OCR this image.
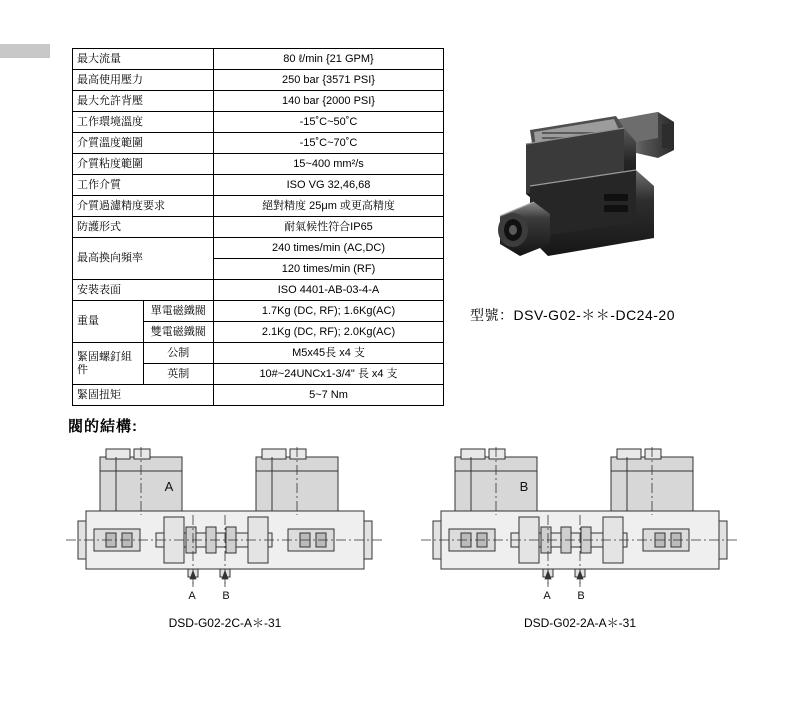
最大流量		80 ℓ/min {21 GPM}
最高使用壓力		250 bar {3571 PSI}
最大允許背壓		140 bar {2000 PSI}
工作環境溫度		-15˚C~50˚C
介質溫度範圍		-15˚C~70˚C
介質粘度範圍		15~400 mm²/s
工作介質		ISO VG 32,46,68
介質過濾精度要求		絕對精度 25μm 或更高精度
防護形式		耐氣候性符合IP65
最高換向頻率		240 times/min (AC,DC)
		120 times/min (RF)
安裝表面		ISO 4401-AB-03-4-A
重量	單電磁鐵閥	1.7Kg (DC, RF); 1.6Kg(AC)
	雙電磁鐵閥	2.1Kg (DC, RF); 2.0Kg(AC)
緊固螺釘組件	公制	M5x45長 x4 支
	英制	10#~24UNCx1-3/4" 長 x4 支
緊固扭矩		5~7 Nm
型號：DSV-G02-＊＊-DC24-20
閥的結構:
A
A B
B
A B
DSD-G02-2C-A＊-31	DSD-G02-2A-A＊-31
